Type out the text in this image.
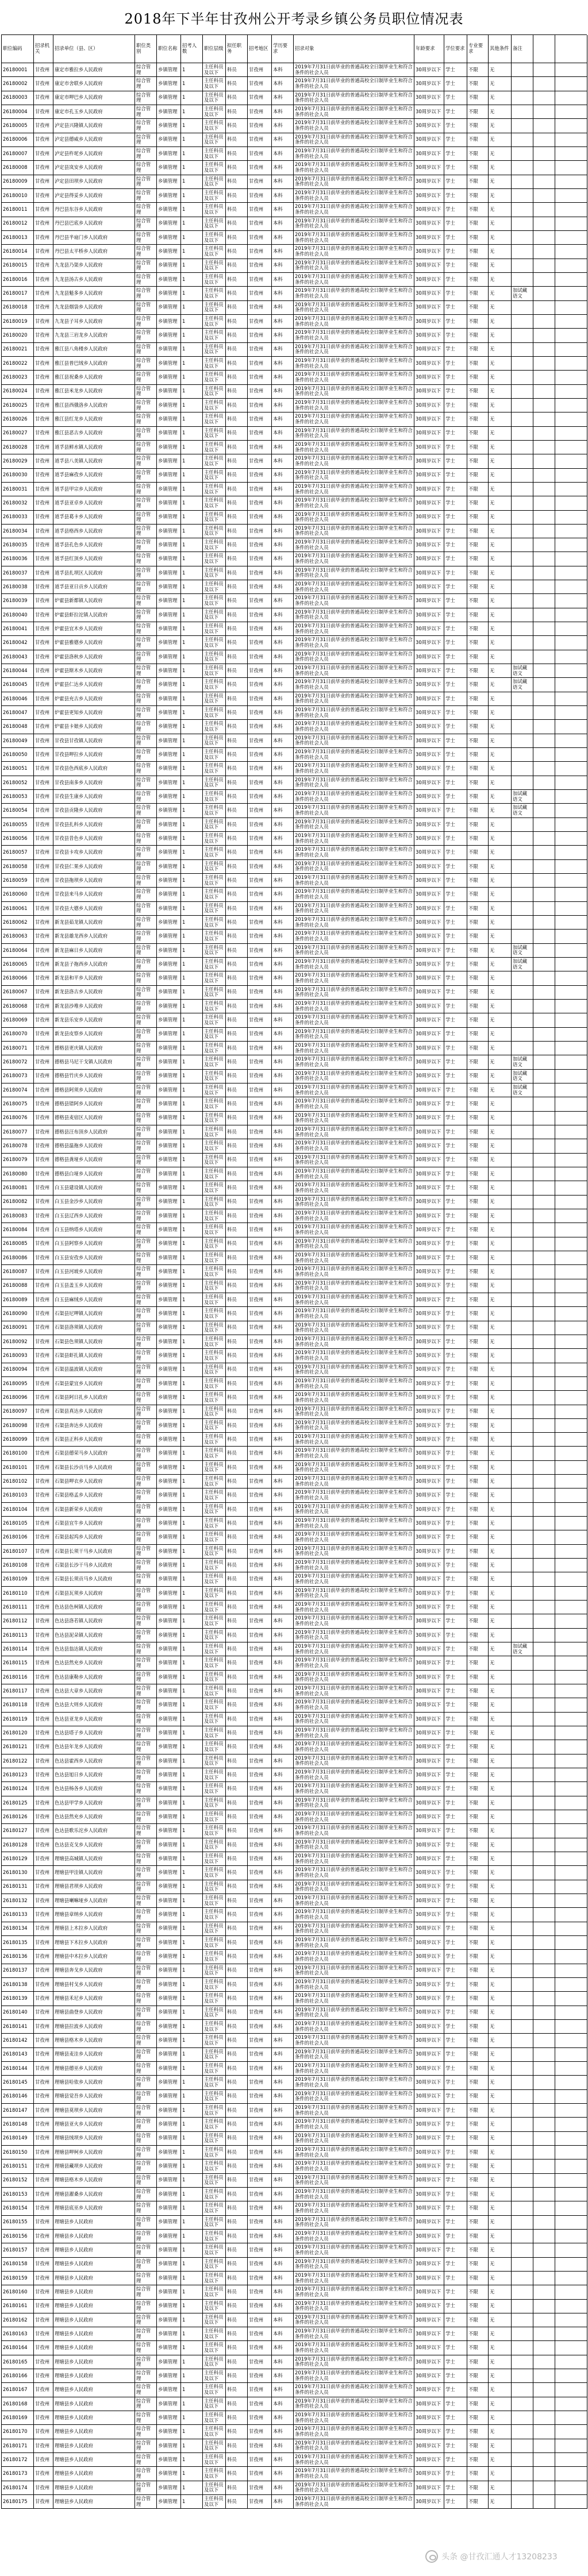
2018年下半年甘孜州公开考录乡镇公务员职位情况表
职位编码	招录机关	招录单位（县、区）	职位类别	职位名称	招考人数	职位层级 拟任职务	招考地区	学历要求	招录对象	年龄要求	学位要求 专业要求	其他条件 备注
26180001	甘孜州	康定市雅拉乡人民政府	综合管理	乡镇管理	1	主任科员及以下	科员	甘孜州	本科	2019年7月31日前毕业的普通高校全日制毕业生和符合条件的社会人员	30周岁以下 学士	不限	无
26180002	甘孜州	康定市舍联乡人民政府	综合管理	乡镇管理	1	主任科员及以下	科员	甘孜州	本科	2019年7月31日前毕业的普通高校全日制毕业生和符合条件的社会人员	30周岁以下 学士	不限	无
26180003	甘孜州	康定市呷巴乡人民政府	综合管理	乡镇管理	1	主任科员及以下	科员	甘孜州	本科	2019年7月31日前毕业的普通高校全日制毕业生和符合条件的社会人员	30周岁以下 学士	不限	无
26180004	甘孜州	康定市孔玉乡人民政府	综合管理	乡镇管理	1	主任科员及以下	科员	甘孜州	本科	2019年7月31日前毕业的普通高校全日制毕业生和符合条件的社会人员	30周岁以下 学士	不限	无
26180005	甘孜州	泸定县兴隆镇人民政府	综合管理	乡镇管理	1	主任科员及以下	科员	甘孜州	本科	2019年7月31日前毕业的普通高校全日制毕业生和符合条件的社会人员	30周岁以下 学士	不限	无
26180006	甘孜州	泸定县德威乡人民政府	综合管理	乡镇管理	1	主任科员及以下	科员	甘孜州	本科	2019年7月31日前毕业的普通高校全日制毕业生和符合条件的社会人员	30周岁以下 学士	不限	无
26180007	甘孜州	泸定县杵坭乡人民政府	综合管理	乡镇管理	1	主任科员及以下	科员	甘孜州	本科	2019年7月31日前毕业的普通高校全日制毕业生和符合条件的社会人员	30周岁以下 学士	不限	无
26180008	甘孜州	泸定县岚安乡人民政府	综合管理	乡镇管理	1	主任科员及以下	科员	甘孜州	本科	2019年7月31日前毕业的普通高校全日制毕业生和符合条件的社会人员	30周岁以下 学士	不限	无
26180009	甘孜州	泸定县田坝乡人民政府	综合管理	乡镇管理	1	主任科员及以下	科员	甘孜州	本科	2019年7月31日前毕业的普通高校全日制毕业生和符合条件的社会人员	30周岁以下 学士	不限	无
26180010	甘孜州	泸定县得妥乡人民政府	综合管理	乡镇管理	1	主任科员及以下	科员	甘孜州	本科	2019年7月31日前毕业的普通高校全日制毕业生和符合条件的社会人员	30周岁以下 学士	不限	无
26180011	甘孜州	丹巴县东谷乡人民政府	综合管理	乡镇管理	1	主任科员及以下	科员	甘孜州	本科	2019年7月31日前毕业的普通高校全日制毕业生和符合条件的社会人员	30周岁以下 学士	不限	无
26180012	甘孜州	丹巴县巴底乡人民政府	综合管理	乡镇管理	1	主任科员及以下	科员	甘孜州	本科	2019年7月31日前毕业的普通高校全日制毕业生和符合条件的社会人员	30周岁以下 学士	不限	无
26180013	甘孜州	丹巴县半扇门乡人民政府	综合管理	乡镇管理	1	主任科员及以下	科员	甘孜州	本科	2019年7月31日前毕业的普通高校全日制毕业生和符合条件的社会人员	30周岁以下 学士	不限	无
26180014	甘孜州	丹巴县太平桥乡人民政府	综合管理	乡镇管理	1	主任科员及以下	科员	甘孜州	本科	2019年7月31日前毕业的普通高校全日制毕业生和符合条件的社会人员	30周岁以下 学士	不限	无
26180015	甘孜州	九龙县乃渠乡人民政府	综合管理	乡镇管理	1	主任科员及以下	科员	甘孜州	本科	2019年7月31日前毕业的普通高校全日制毕业生和符合条件的社会人员	30周岁以下 学士	不限	无
26180016	甘孜州	九龙县汤古乡人民政府	综合管理	乡镇管理	1	主任科员及以下	科员	甘孜州	本科	2019年7月31日前毕业的普通高校全日制毕业生和符合条件的社会人员	30周岁以下 学士	不限	无
26180017	甘孜州	九龙县魁多乡人民政府	综合管理	乡镇管理	1	主任科员及以下	科员	甘孜州	本科	2019年7月31日前毕业的普通高校全日制毕业生和符合条件的社会人员	30周岁以下 学士	不限	无	加试藏语文
26180018	甘孜州	九龙县烟袋乡人民政府	综合管理	乡镇管理	1	主任科员及以下	科员	甘孜州	本科	2019年7月31日前毕业的普通高校全日制毕业生和符合条件的社会人员	30周岁以下 学士	不限	无
26180019	甘孜州	九龙县子耳乡人民政府	综合管理	乡镇管理	1	主任科员及以下	科员	甘孜州	本科	2019年7月31日前毕业的普通高校全日制毕业生和符合条件的社会人员	30周岁以下 学士	不限	无
26180020	甘孜州	九龙县三岩龙乡人民政府	综合管理	乡镇管理	1	主任科员及以下	科员	甘孜州	本科	2019年7月31日前毕业的普通高校全日制毕业生和符合条件的社会人员	30周岁以下 学士	不限	无
26180021	甘孜州	雅江县八角楼乡人民政府	综合管理	乡镇管理	1	主任科员及以下	科员	甘孜州	本科	2019年7月31日前毕业的普通高校全日制毕业生和符合条件的社会人员	30周岁以下 学士	不限	无
26180022	甘孜州	雅江县普巴绒乡人民政府	综合管理	乡镇管理	1	主任科员及以下	科员	甘孜州	本科	2019年7月31日前毕业的普通高校全日制毕业生和符合条件的社会人员	30周岁以下 学士	不限	无
26180023	甘孜州	雅江县祝桑乡人民政府	综合管理	乡镇管理	1	主任科员及以下	科员	甘孜州	本科	2019年7月31日前毕业的普通高校全日制毕业生和符合条件的社会人员	30周岁以下 学士	不限	无
26180024	甘孜州	雅江县米龙乡人民政府	综合管理	乡镇管理	1	主任科员及以下	科员	甘孜州	本科	2019年7月31日前毕业的普通高校全日制毕业生和符合条件的社会人员	30周岁以下 学士	不限	无
26180025	甘孜州	雅江县西俄洛乡人民政府	综合管理	乡镇管理	1	主任科员及以下	科员	甘孜州	本科	2019年7月31日前毕业的普通高校全日制毕业生和符合条件的社会人员	30周岁以下 学士	不限	无
26180026	甘孜州	雅江县红龙乡人民政府	综合管理	乡镇管理	1	主任科员及以下	科员	甘孜州	本科	2019年7月31日前毕业的普通高校全日制毕业生和符合条件的社会人员	30周岁以下 学士	不限	无
26180027	甘孜州	雅江县恶古乡人民政府	综合管理	乡镇管理	1	主任科员及以下	科员	甘孜州	本科	2019年7月31日前毕业的普通高校全日制毕业生和符合条件的社会人员	30周岁以下 学士	不限	无
26180028	甘孜州	道孚县鲜水镇人民政府	综合管理	乡镇管理	1	主任科员及以下	科员	甘孜州	本科	2019年7月31日前毕业的普通高校全日制毕业生和符合条件的社会人员	30周岁以下 学士	不限	无
26180029	甘孜州	道孚县八美镇人民政府	综合管理	乡镇管理	1	主任科员及以下	科员	甘孜州	本科	2019年7月31日前毕业的普通高校全日制毕业生和符合条件的社会人员	30周岁以下 学士	不限	无
26180030	甘孜州	道孚县麻孜乡人民政府	综合管理	乡镇管理	1	主任科员及以下	科员	甘孜州	本科	2019年7月31日前毕业的普通高校全日制毕业生和符合条件的社会人员	30周岁以下 学士	不限	无
26180031	甘孜州	道孚县甲宗乡人民政府	综合管理	乡镇管理	1	主任科员及以下	科员	甘孜州	本科	2019年7月31日前毕业的普通高校全日制毕业生和符合条件的社会人员	30周岁以下 学士	不限	无
26180032	甘孜州	道孚县亚卓乡人民政府	综合管理	乡镇管理	1	主任科员及以下	科员	甘孜州	本科	2019年7月31日前毕业的普通高校全日制毕业生和符合条件的社会人员	30周岁以下 学士	不限	无
26180033	甘孜州	道孚县葛卡乡人民政府	综合管理	乡镇管理	1	主任科员及以下	科员	甘孜州	本科	2019年7月31日前毕业的普通高校全日制毕业生和符合条件的社会人员	30周岁以下 学士	不限	无
26180034	甘孜州	道孚县格西乡人民政府	综合管理	乡镇管理	1	主任科员及以下	科员	甘孜州	本科	2019年7月31日前毕业的普通高校全日制毕业生和符合条件的社会人员	30周岁以下 学士	不限	无
26180035	甘孜州	道孚县孔色乡人民政府	综合管理	乡镇管理	1	主任科员及以下	科员	甘孜州	本科	2019年7月31日前毕业的普通高校全日制毕业生和符合条件的社会人员	30周岁以下 学士	不限	无
26180036	甘孜州	道孚县红顶乡人民政府	综合管理	乡镇管理	1	主任科员及以下	科员	甘孜州	本科	2019年7月31日前毕业的普通高校全日制毕业生和符合条件的社会人员	30周岁以下 学士	不限	无
26180037	甘孜州	道孚县扎坝区人民政府	综合管理	乡镇管理	1	主任科员及以下	科员	甘孜州	本科	2019年7月31日前毕业的普通高校全日制毕业生和符合条件的社会人员	30周岁以下 学士	不限	无
26180038	甘孜州	道孚县亚日贡乡人民政府	综合管理	乡镇管理	1	主任科员及以下	科员	甘孜州	本科	2019年7月31日前毕业的普通高校全日制毕业生和符合条件的社会人员	30周岁以下 学士	不限	无
26180039	甘孜州	炉霍县新都镇人民政府	综合管理	乡镇管理	1	主任科员及以下	科员	甘孜州	本科	2019年7月31日前毕业的普通高校全日制毕业生和符合条件的社会人员	30周岁以下 学士	不限	无
26180040	甘孜州	炉霍县虾拉沱镇人民政府	综合管理	乡镇管理	1	主任科员及以下	科员	甘孜州	本科	2019年7月31日前毕业的普通高校全日制毕业生和符合条件的社会人员	30周岁以下 学士	不限	无
26180041	甘孜州	炉霍县宜木乡人民政府	综合管理	乡镇管理	1	主任科员及以下	科员	甘孜州	本科	2019年7月31日前毕业的普通高校全日制毕业生和符合条件的社会人员	30周岁以下 学士	不限	无
26180042	甘孜州	炉霍县雅德乡人民政府	综合管理	乡镇管理	1	主任科员及以下	科员	甘孜州	本科	2019年7月31日前毕业的普通高校全日制毕业生和符合条件的社会人员	30周岁以下 学士	不限	无
26180043	甘孜州	炉霍县洛秋乡人民政府	综合管理	乡镇管理	1	主任科员及以下	科员	甘孜州	本科	2019年7月31日前毕业的普通高校全日制毕业生和符合条件的社会人员	30周岁以下 学士	不限	无
26180044	甘孜州	炉霍县斯木乡人民政府	综合管理	乡镇管理	1	主任科员及以下	科员	甘孜州	本科	2019年7月31日前毕业的普通高校全日制毕业生和符合条件的社会人员	30周岁以下 学士	不限	无	加试藏语文
26180045	甘孜州	炉霍县仁达乡人民政府	综合管理	乡镇管理	1	主任科员及以下	科员	甘孜州	本科	2019年7月31日前毕业的普通高校全日制毕业生和符合条件的社会人员	30周岁以下 学士	不限	无	加试藏语文
26180046	甘孜州	炉霍县充古乡人民政府	综合管理	乡镇管理	1	主任科员及以下	科员	甘孜州	本科	2019年7月31日前毕业的普通高校全日制毕业生和符合条件的社会人员	30周岁以下 学士	不限	无
26180047	甘孜州	炉霍县更知乡人民政府	综合管理	乡镇管理	1	主任科员及以下	科员	甘孜州	本科	2019年7月31日前毕业的普通高校全日制毕业生和符合条件的社会人员	30周岁以下 学士	不限	无
26180048	甘孜州	炉霍县卡娘乡人民政府	综合管理	乡镇管理	1	主任科员及以下	科员	甘孜州	本科	2019年7月31日前毕业的普通高校全日制毕业生和符合条件的社会人员	30周岁以下 学士	不限	无
26180049	甘孜州	甘孜县甘孜镇人民政府	综合管理	乡镇管理	1	主任科员及以下	科员	甘孜州	本科	2019年7月31日前毕业的普通高校全日制毕业生和符合条件的社会人员	30周岁以下 学士	不限	无
26180050	甘孜州	甘孜县呷拉乡人民政府	综合管理	乡镇管理	1	主任科员及以下	科员	甘孜州	本科	2019年7月31日前毕业的普通高校全日制毕业生和符合条件的社会人员	30周岁以下 学士	不限	无
26180051	甘孜州	甘孜县色西底乡人民政府	综合管理	乡镇管理	1	主任科员及以下	科员	甘孜州	本科	2019年7月31日前毕业的普通高校全日制毕业生和符合条件的社会人员	30周岁以下 学士	不限	无
26180052	甘孜州	甘孜县南多乡人民政府	综合管理	乡镇管理	1	主任科员及以下	科员	甘孜州	本科	2019年7月31日前毕业的普通高校全日制毕业生和符合条件的社会人员	30周岁以下 学士	不限	无
26180053	甘孜州	甘孜县生康乡人民政府	综合管理	乡镇管理	1	主任科员及以下	科员	甘孜州	本科	2019年7月31日前毕业的普通高校全日制毕业生和符合条件的社会人员	30周岁以下 学士	不限	无	加试藏语文
26180054	甘孜州	甘孜县贡隆乡人民政府	综合管理	乡镇管理	1	主任科员及以下	科员	甘孜州	本科	2019年7月31日前毕业的普通高校全日制毕业生和符合条件的社会人员	30周岁以下 学士	不限	无	加试藏语文
26180055	甘孜州	甘孜县扎科乡人民政府	综合管理	乡镇管理	1	主任科员及以下	科员	甘孜州	本科	2019年7月31日前毕业的普通高校全日制毕业生和符合条件的社会人员	30周岁以下 学士	不限	无
26180056	甘孜州	甘孜县昔色乡人民政府	综合管理	乡镇管理	1	主任科员及以下	科员	甘孜州	本科	2019年7月31日前毕业的普通高校全日制毕业生和符合条件的社会人员	30周岁以下 学士	不限	无
26180057	甘孜州	甘孜县卡攻乡人民政府	综合管理	乡镇管理	1	主任科员及以下	科员	甘孜州	本科	2019年7月31日前毕业的普通高校全日制毕业生和符合条件的社会人员	30周岁以下 学士	不限	无
26180058	甘孜州	甘孜县仁果乡人民政府	综合管理	乡镇管理	1	主任科员及以下	科员	甘孜州	本科	2019年7月31日前毕业的普通高校全日制毕业生和符合条件的社会人员	30周岁以下 学士	不限	无
26180059	甘孜州	甘孜县拖坝乡人民政府	综合管理	乡镇管理	1	主任科员及以下	科员	甘孜州	本科	2019年7月31日前毕业的普通高校全日制毕业生和符合条件的社会人员	30周岁以下 学士	不限	无
26180060	甘孜州	甘孜县来马乡人民政府	综合管理	乡镇管理	1	主任科员及以下	科员	甘孜州	本科	2019年7月31日前毕业的普通高校全日制毕业生和符合条件的社会人员	30周岁以下 学士	不限	无
26180061	甘孜州	甘孜县大德乡人民政府	综合管理	乡镇管理	1	主任科员及以下	科员	甘孜州	本科	2019年7月31日前毕业的普通高校全日制毕业生和符合条件的社会人员	30周岁以下 学士	不限	无
26180062	甘孜州	新龙县茹龙镇人民政府	综合管理	乡镇管理	1	主任科员及以下	科员	甘孜州	本科	2019年7月31日前毕业的普通高校全日制毕业生和符合条件的社会人员	30周岁以下 学士	不限	无
26180063	甘孜州	新龙县雄龙西乡人民政府	综合管理	乡镇管理	1	主任科员及以下	科员	甘孜州	本科	2019年7月31日前毕业的普通高校全日制毕业生和符合条件的社会人员	30周岁以下 学士	不限	无
26180064	甘孜州	新龙县麻日乡人民政府	综合管理	乡镇管理	1	主任科员及以下	科员	甘孜州	本科	2019年7月31日前毕业的普通高校全日制毕业生和符合条件的社会人员	30周岁以下 学士	不限	无	加试藏语文
26180065	甘孜州	新龙县子拖西乡人民政府	综合管理	乡镇管理	1	主任科员及以下	科员	甘孜州	本科	2019年7月31日前毕业的普通高校全日制毕业生和符合条件的社会人员	30周岁以下 学士	不限	无	加试藏语文
26180066	甘孜州	新龙县和平乡人民政府	综合管理	乡镇管理	1	主任科员及以下	科员	甘孜州	本科	2019年7月31日前毕业的普通高校全日制毕业生和符合条件的社会人员	30周岁以下 学士	不限	无
26180067	甘孜州	新龙县洛古乡人民政府	综合管理	乡镇管理	1	主任科员及以下	科员	甘孜州	本科	2019年7月31日前毕业的普通高校全日制毕业生和符合条件的社会人员	30周岁以下 学士	不限	无
26180068	甘孜州	新龙县沙堆乡人民政府	综合管理	乡镇管理	1	主任科员及以下	科员	甘孜州	本科	2019年7月31日前毕业的普通高校全日制毕业生和符合条件的社会人员	30周岁以下 学士	不限	无
26180069	甘孜州	新龙县乐安乡人民政府	综合管理	乡镇管理	1	主任科员及以下	科员	甘孜州	本科	2019年7月31日前毕业的普通高校全日制毕业生和符合条件的社会人员	30周岁以下 学士	不限	无
26180070	甘孜州	新龙县皮察乡人民政府	综合管理	乡镇管理	1	主任科员及以下	科员	甘孜州	本科	2019年7月31日前毕业的普通高校全日制毕业生和符合条件的社会人员	30周岁以下 学士	不限	无
26180071	甘孜州	德格县更庆镇人民政府	综合管理	乡镇管理	1	主任科员及以下	科员	甘孜州	本科	2019年7月31日前毕业的普通高校全日制毕业生和符合条件的社会人员	30周岁以下 学士	不限	无
26180072	甘孜州	德格县马尼干戈镇人民政府	综合管理	乡镇管理	1	主任科员及以下	科员	甘孜州	本科	2019年7月31日前毕业的普通高校全日制毕业生和符合条件的社会人员	30周岁以下 学士	不限	无	加试藏语文
26180073	甘孜州	德格县竹庆乡人民政府	综合管理	乡镇管理	1	主任科员及以下	科员	甘孜州	本科	2019年7月31日前毕业的普通高校全日制毕业生和符合条件的社会人员	30周岁以下 学士	不限	无	加试藏语文
26180074	甘孜州	德格县阿须乡人民政府	综合管理	乡镇管理	1	主任科员及以下	科员	甘孜州	本科	2019年7月31日前毕业的普通高校全日制毕业生和符合条件的社会人员	30周岁以下 学士	不限	无	加试藏语文
26180075	甘孜州	德格县错阿乡人民政府	综合管理	乡镇管理	1	主任科员及以下	科员	甘孜州	本科	2019年7月31日前毕业的普通高校全日制毕业生和符合条件的社会人员	30周岁以下 学士	不限	无
26180076	甘孜州	德格县麦宿区人民政府	综合管理	乡镇管理	1	主任科员及以下	科员	甘孜州	本科	2019年7月31日前毕业的普通高校全日制毕业生和符合条件的社会人员	30周岁以下 学士	不限	无
26180077	甘孜州	德格县汪布顶乡人民政府	综合管理	乡镇管理	1	主任科员及以下	科员	甘孜州	本科	2019年7月31日前毕业的普通高校全日制毕业生和符合条件的社会人员	30周岁以下 学士	不限	无
26180078	甘孜州	德格县温拖乡人民政府	综合管理	乡镇管理	1	主任科员及以下	科员	甘孜州	本科	2019年7月31日前毕业的普通高校全日制毕业生和符合条件的社会人员	30周岁以下 学士	不限	无
26180079	甘孜州	德格县龚垭乡人民政府	综合管理	乡镇管理	1	主任科员及以下	科员	甘孜州	本科	2019年7月31日前毕业的普通高校全日制毕业生和符合条件的社会人员	30周岁以下 学士	不限	无
26180080	甘孜州	德格县白垭乡人民政府	综合管理	乡镇管理	1	主任科员及以下	科员	甘孜州	本科	2019年7月31日前毕业的普通高校全日制毕业生和符合条件的社会人员	30周岁以下 学士	不限	无
26180081	甘孜州	白玉县建设镇人民政府	综合管理	乡镇管理	1	主任科员及以下	科员	甘孜州	本科	2019年7月31日前毕业的普通高校全日制毕业生和符合条件的社会人员	30周岁以下 学士	不限	无
26180082	甘孜州	白玉县金沙乡人民政府	综合管理	乡镇管理	1	主任科员及以下	科员	甘孜州	本科	2019年7月31日前毕业的普通高校全日制毕业生和符合条件的社会人员	30周岁以下 学士	不限	无
26180083	甘孜州	白玉县辽西乡人民政府	综合管理	乡镇管理	1	主任科员及以下	科员	甘孜州	本科	2019年7月31日前毕业的普通高校全日制毕业生和符合条件的社会人员	30周岁以下 学士	不限	无
26180084	甘孜州	白玉县纳塔乡人民政府	综合管理	乡镇管理	1	主任科员及以下	科员	甘孜州	本科	2019年7月31日前毕业的普通高校全日制毕业生和符合条件的社会人员	30周岁以下 学士	不限	无
26180085	甘孜州	白玉县阿察乡人民政府	综合管理	乡镇管理	1	主任科员及以下	科员	甘孜州	本科	2019年7月31日前毕业的普通高校全日制毕业生和符合条件的社会人员	30周岁以下 学士	不限	无
26180086	甘孜州	白玉县安孜乡人民政府	综合管理	乡镇管理	1	主任科员及以下	科员	甘孜州	本科	2019年7月31日前毕业的普通高校全日制毕业生和符合条件的社会人员	30周岁以下 学士	不限	无
26180087	甘孜州	白玉县河坡乡人民政府	综合管理	乡镇管理	1	主任科员及以下	科员	甘孜州	本科	2019年7月31日前毕业的普通高校全日制毕业生和符合条件的社会人员	30周岁以下 学士	不限	无
26180088	甘孜州	白玉县盖玉乡人民政府	综合管理	乡镇管理	1	主任科员及以下	科员	甘孜州	本科	2019年7月31日前毕业的普通高校全日制毕业生和符合条件的社会人员	30周岁以下 学士	不限	无
26180089	甘孜州	白玉县麻绒乡人民政府	综合管理	乡镇管理	1	主任科员及以下	科员	甘孜州	本科	2019年7月31日前毕业的普通高校全日制毕业生和符合条件的社会人员	30周岁以下 学士	不限	无
26180090	甘孜州	石渠县尼呷镇人民政府	综合管理	乡镇管理	1	主任科员及以下	科员	甘孜州	本科	2019年7月31日前毕业的普通高校全日制毕业生和符合条件的社会人员	30周岁以下 学士	不限	无
26180091	甘孜州	石渠县洛须镇人民政府	综合管理	乡镇管理	1	主任科员及以下	科员	甘孜州	本科	2019年7月31日前毕业的普通高校全日制毕业生和符合条件的社会人员	30周岁以下 学士	不限	无
26180092	甘孜州	石渠县色须镇人民政府	综合管理	乡镇管理	1	主任科员及以下	科员	甘孜州	本科	2019年7月31日前毕业的普通高校全日制毕业生和符合条件的社会人员	30周岁以下 学士	不限	无
26180093	甘孜州	石渠县虾扎镇人民政府	综合管理	乡镇管理	1	主任科员及以下	科员	甘孜州	本科	2019年7月31日前毕业的普通高校全日制毕业生和符合条件的社会人员	30周岁以下 学士	不限	无
26180094	甘孜州	石渠县温波镇人民政府	综合管理	乡镇管理	1	主任科员及以下	科员	甘孜州	本科	2019年7月31日前毕业的普通高校全日制毕业生和符合条件的社会人员	30周岁以下 学士	不限	无
26180095	甘孜州	石渠县蒙宜乡人民政府	综合管理	乡镇管理	1	主任科员及以下	科员	甘孜州	本科	2019年7月31日前毕业的普通高校全日制毕业生和符合条件的社会人员	30周岁以下 学士	不限	无
26180096	甘孜州	石渠县阿日扎乡人民政府	综合管理	乡镇管理	1	主任科员及以下	科员	甘孜州	本科	2019年7月31日前毕业的普通高校全日制毕业生和符合条件的社会人员	30周岁以下 学士	不限	无
26180097	甘孜州	石渠县真达乡人民政府	综合管理	乡镇管理	1	主任科员及以下	科员	甘孜州	本科	2019年7月31日前毕业的普通高校全日制毕业生和符合条件的社会人员	30周岁以下 学士	不限	无
26180098	甘孜州	石渠县奔达乡人民政府	综合管理	乡镇管理	1	主任科员及以下	科员	甘孜州	本科	2019年7月31日前毕业的普通高校全日制毕业生和符合条件的社会人员	30周岁以下 学士	不限	无
26180099	甘孜州	石渠县正科乡人民政府	综合管理	乡镇管理	1	主任科员及以下	科员	甘孜州	本科	2019年7月31日前毕业的普通高校全日制毕业生和符合条件的社会人员	30周岁以下 学士	不限	无
26180100	甘孜州	石渠县德荣马乡人民政府	综合管理	乡镇管理	1	主任科员及以下	科员	甘孜州	本科	2019年7月31日前毕业的普通高校全日制毕业生和符合条件的社会人员	30周岁以下 学士	不限	无
26180101	甘孜州	石渠县长沙贡马乡人民政府	综合管理	乡镇管理	1	主任科员及以下	科员	甘孜州	本科	2019年7月31日前毕业的普通高校全日制毕业生和符合条件的社会人员	30周岁以下 学士	不限	无
26180102	甘孜州	石渠县呷衣乡人民政府	综合管理	乡镇管理	1	主任科员及以下	科员	甘孜州	本科	2019年7月31日前毕业的普通高校全日制毕业生和符合条件的社会人员	30周岁以下 学士	不限	无
26180103	甘孜州	石渠县格孟乡人民政府	综合管理	乡镇管理	1	主任科员及以下	科员	甘孜州	本科	2019年7月31日前毕业的普通高校全日制毕业生和符合条件的社会人员	30周岁以下 学士	不限	无
26180104	甘孜州	石渠县新荣乡人民政府	综合管理	乡镇管理	1	主任科员及以下	科员	甘孜州	本科	2019年7月31日前毕业的普通高校全日制毕业生和符合条件的社会人员	30周岁以下 学士	不限	无
26180105	甘孜州	石渠县宜牛乡人民政府	综合管理	乡镇管理	1	主任科员及以下	科员	甘孜州	本科	2019年7月31日前毕业的普通高校全日制毕业生和符合条件的社会人员	30周岁以下 学士	不限	无
26180106	甘孜州	石渠县起坞乡人民政府	综合管理	乡镇管理	1	主任科员及以下	科员	甘孜州	本科	2019年7月31日前毕业的普通高校全日制毕业生和符合条件的社会人员	30周岁以下 学士	不限	无
26180107	甘孜州	石渠县长须干马乡人民政府	综合管理	乡镇管理	1	主任科员及以下	科员	甘孜州	本科	2019年7月31日前毕业的普通高校全日制毕业生和符合条件的社会人员	30周岁以下 学士	不限	无
26180108	甘孜州	石渠县长沙干马乡人民政府	综合管理	乡镇管理	1	主任科员及以下	科员	甘孜州	本科	2019年7月31日前毕业的普通高校全日制毕业生和符合条件的社会人员	30周岁以下 学士	不限	无
26180109	甘孜州	石渠县长须贡马乡人民政府	综合管理	乡镇管理	1	主任科员及以下	科员	甘孜州	本科	2019年7月31日前毕业的普通高校全日制毕业生和符合条件的社会人员	30周岁以下 学士	不限	无
26180110	甘孜州	石渠县瓦须乡人民政府	综合管理	乡镇管理	1	主任科员及以下	科员	甘孜州	本科	2019年7月31日前毕业的普通高校全日制毕业生和符合条件的社会人员	30周岁以下 学士	不限	无
26180111	甘孜州	色达县色柯镇人民政府	综合管理	乡镇管理	1	主任科员及以下	科员	甘孜州	本科	2019年7月31日前毕业的普通高校全日制毕业生和符合条件的社会人员	30周岁以下 学士	不限	无
26180112	甘孜州	色达县洛若镇人民政府	综合管理	乡镇管理	1	主任科员及以下	科员	甘孜州	本科	2019年7月31日前毕业的普通高校全日制毕业生和符合条件的社会人员	30周岁以下 学士	不限	无
26180113	甘孜州	色达县泥朵镇人民政府	综合管理	乡镇管理	1	主任科员及以下	科员	甘孜州	本科	2019年7月31日前毕业的普通高校全日制毕业生和符合条件的社会人员	30周岁以下 学士	不限	无
26180114	甘孜州	色达县翁达镇人民政府	综合管理	乡镇管理	1	主任科员及以下	科员	甘孜州	本科	2019年7月31日前毕业的普通高校全日制毕业生和符合条件的社会人员	30周岁以下 学士	不限	无	加试藏语文
26180115	甘孜州	色达县然充乡人民政府	综合管理	乡镇管理	1	主任科员及以下	科员	甘孜州	本科	2019年7月31日前毕业的普通高校全日制毕业生和符合条件的社会人员	30周岁以下 学士	不限	无
26180116	甘孜州	色达县康勒乡人民政府	综合管理	乡镇管理	1	主任科员及以下	科员	甘孜州	本科	2019年7月31日前毕业的普通高校全日制毕业生和符合条件的社会人员	30周岁以下 学士	不限	无
26180117	甘孜州	色达县大章乡人民政府	综合管理	乡镇管理	1	主任科员及以下	科员	甘孜州	本科	2019年7月31日前毕业的普通高校全日制毕业生和符合条件的社会人员	30周岁以下 学士	不限	无
26180118	甘孜州	色达县大则乡人民政府	综合管理	乡镇管理	1	主任科员及以下	科员	甘孜州	本科	2019年7月31日前毕业的普通高校全日制毕业生和符合条件的社会人员	30周岁以下 学士	不限	无
26180119	甘孜州	色达县亚龙乡人民政府	综合管理	乡镇管理	1	主任科员及以下	科员	甘孜州	本科	2019年7月31日前毕业的普通高校全日制毕业生和符合条件的社会人员	30周岁以下 学士	不限	无
26180120	甘孜州	色达县塔子乡人民政府	综合管理	乡镇管理	1	主任科员及以下	科员	甘孜州	本科	2019年7月31日前毕业的普通高校全日制毕业生和符合条件的社会人员	30周岁以下 学士	不限	无
26180121	甘孜州	色达县年龙乡人民政府	综合管理	乡镇管理	1	主任科员及以下	科员	甘孜州	本科	2019年7月31日前毕业的普通高校全日制毕业生和符合条件的社会人员	30周岁以下 学士	不限	无
26180122	甘孜州	色达县霍西乡人民政府	综合管理	乡镇管理	1	主任科员及以下	科员	甘孜州	本科	2019年7月31日前毕业的普通高校全日制毕业生和符合条件的社会人员	30周岁以下 学士	不限	无
26180123	甘孜州	色达县旭日乡人民政府	综合管理	乡镇管理	1	主任科员及以下	科员	甘孜州	本科	2019年7月31日前毕业的普通高校全日制毕业生和符合条件的社会人员	30周岁以下 学士	不限	无
26180124	甘孜州	色达县杨各乡人民政府	综合管理	乡镇管理	1	主任科员及以下	科员	甘孜州	本科	2019年7月31日前毕业的普通高校全日制毕业生和符合条件的社会人员	30周岁以下 学士	不限	无
26180125	甘孜州	色达县甲学乡人民政府	综合管理	乡镇管理	1	主任科员及以下	科员	甘孜州	本科	2019年7月31日前毕业的普通高校全日制毕业生和符合条件的社会人员	30周岁以下 学士	不限	无
26180126	甘孜州	色达县然充乡人民政府	综合管理	乡镇管理	1	主任科员及以下	科员	甘孜州	本科	2019年7月31日前毕业的普通高校全日制毕业生和符合条件的社会人员	30周岁以下 学士	不限	无
26180127	甘孜州	色达县歌乐沱乡人民政府	综合管理	乡镇管理	1	主任科员及以下	科员	甘孜州	本科	2019年7月31日前毕业的普通高校全日制毕业生和符合条件的社会人员	30周岁以下 学士	不限	无
26180128	甘孜州	色达县克戈乡人民政府	综合管理	乡镇管理	1	主任科员及以下	科员	甘孜州	本科	2019年7月31日前毕业的普通高校全日制毕业生和符合条件的社会人员	30周岁以下 学士	不限	无
26180129	甘孜州	理塘县高城镇人民政府	综合管理	乡镇管理	1	主任科员及以下	科员	甘孜州	本科	2019年7月31日前毕业的普通高校全日制毕业生和符合条件的社会人员	30周岁以下 学士	不限	无
26180130	甘孜州	理塘县甲洼镇人民政府	综合管理	乡镇管理	1	主任科员及以下	科员	甘孜州	本科	2019年7月31日前毕业的普通高校全日制毕业生和符合条件的社会人员	30周岁以下 学士	不限	无
26180131	甘孜州	理塘县君坝乡人民政府	综合管理	乡镇管理	1	主任科员及以下	科员	甘孜州	本科	2019年7月31日前毕业的普通高校全日制毕业生和符合条件的社会人员	30周岁以下 学士	不限	无
26180132	甘孜州	理塘县喇嘛垭乡人民政府	综合管理	乡镇管理	1	主任科员及以下	科员	甘孜州	本科	2019年7月31日前毕业的普通高校全日制毕业生和符合条件的社会人员	30周岁以下 学士	不限	无
26180133	甘孜州	理塘县章纳乡人民政府	综合管理	乡镇管理	1	主任科员及以下	科员	甘孜州	本科	2019年7月31日前毕业的普通高校全日制毕业生和符合条件的社会人员	30周岁以下 学士	不限	无
26180134	甘孜州	理塘县上木拉乡人民政府	综合管理	乡镇管理	1	主任科员及以下	科员	甘孜州	本科	2019年7月31日前毕业的普通高校全日制毕业生和符合条件的社会人员	30周岁以下 学士	不限	无
26180135	甘孜州	理塘县下木拉乡人民政府	综合管理	乡镇管理	1	主任科员及以下	科员	甘孜州	本科	2019年7月31日前毕业的普通高校全日制毕业生和符合条件的社会人员	30周岁以下 学士	不限	无
26180136	甘孜州	理塘县中木拉乡人民政府	综合管理	乡镇管理	1	主任科员及以下	科员	甘孜州	本科	2019年7月31日前毕业的普通高校全日制毕业生和符合条件的社会人员	30周岁以下 学士	不限	无
26180137	甘孜州	理塘县奔戈乡人民政府	综合管理	乡镇管理	1	主任科员及以下	科员	甘孜州	本科	2019年7月31日前毕业的普通高校全日制毕业生和符合条件的社会人员	30周岁以下 学士	不限	无
26180138	甘孜州	理塘县村戈乡人民政府	综合管理	乡镇管理	1	主任科员及以下	科员	甘孜州	本科	2019年7月31日前毕业的普通高校全日制毕业生和符合条件的社会人员	30周岁以下 学士	不限	无
26180139	甘孜州	理塘县禾尼乡人民政府	综合管理	乡镇管理	1	主任科员及以下	科员	甘孜州	本科	2019年7月31日前毕业的普通高校全日制毕业生和符合条件的社会人员	30周岁以下 学士	不限	无
26180140	甘孜州	理塘县曲登乡人民政府	综合管理	乡镇管理	1	主任科员及以下	科员	甘孜州	本科	2019年7月31日前毕业的普通高校全日制毕业生和符合条件的社会人员	30周岁以下 学士	不限	无
26180141	甘孜州	理塘县拉波乡人民政府	综合管理	乡镇管理	1	主任科员及以下	科员	甘孜州	本科	2019年7月31日前毕业的普通高校全日制毕业生和符合条件的社会人员	30周岁以下 学士	不限	无
26180142	甘孜州	理塘县格木乡人民政府	综合管理	乡镇管理	1	主任科员及以下	科员	甘孜州	本科	2019年7月31日前毕业的普通高校全日制毕业生和符合条件的社会人员	30周岁以下 学士	不限	无
26180143	甘孜州	理塘县麦洼乡人民政府	综合管理	乡镇管理	1	主任科员及以下	科员	甘孜州	本科	2019年7月31日前毕业的普通高校全日制毕业生和符合条件的社会人员	30周岁以下 学士	不限	无
26180144	甘孜州	理塘县德巫乡人民政府	综合管理	乡镇管理	1	主任科员及以下	科员	甘孜州	本科	2019年7月31日前毕业的普通高校全日制毕业生和符合条件的社会人员	30周岁以下 学士	不限	无
26180145	甘孜州	理塘县哈依乡人民政府	综合管理	乡镇管理	1	主任科员及以下	科员	甘孜州	本科	2019年7月31日前毕业的普通高校全日制毕业生和符合条件的社会人员	30周岁以下 学士	不限	无
26180146	甘孜州	理塘县觉吾乡人民政府	综合管理	乡镇管理	1	主任科员及以下	科员	甘孜州	本科	2019年7月31日前毕业的普通高校全日制毕业生和符合条件的社会人员	30周岁以下 学士	不限	无
26180147	甘孜州	理塘县莫坝乡人民政府	综合管理	乡镇管理	1	主任科员及以下	科员	甘孜州	本科	2019年7月31日前毕业的普通高校全日制毕业生和符合条件的社会人员	30周岁以下 学士	不限	无
26180148	甘孜州	理塘县亚火乡人民政府	综合管理	乡镇管理	1	主任科员及以下	科员	甘孜州	本科	2019年7月31日前毕业的普通高校全日制毕业生和符合条件的社会人员	30周岁以下 学士	不限	无
26180149	甘孜州	理塘县绒坝乡人民政府	综合管理	乡镇管理	1	主任科员及以下	科员	甘孜州	本科	2019年7月31日前毕业的普通高校全日制毕业生和符合条件的社会人员	30周岁以下 学士	不限	无
26180150	甘孜州	理塘县呷柯乡人民政府	综合管理	乡镇管理	1	主任科员及以下	科员	甘孜州	本科	2019年7月31日前毕业的普通高校全日制毕业生和符合条件的社会人员	30周岁以下 学士	不限	无
26180151	甘孜州	理塘县藏坝乡人民政府	综合管理	乡镇管理	1	主任科员及以下	科员	甘孜州	本科	2019年7月31日前毕业的普通高校全日制毕业生和符合条件的社会人员	30周岁以下 学士	不限	无
26180152	甘孜州	理塘县格木乡人民政府	综合管理	乡镇管理	1	主任科员及以下	科员	甘孜州	本科	2019年7月31日前毕业的普通高校全日制毕业生和符合条件的社会人员	30周岁以下 学士	不限	无
26180153	甘孜州	理塘县濯桑乡人民政府	综合管理	乡镇管理	1	主任科员及以下	科员	甘孜州	本科	2019年7月31日前毕业的普通高校全日制毕业生和符合条件的社会人员	30周岁以下 学士	不限	无
26180154	甘孜州	理塘县底巫乡人民政府	综合管理	乡镇管理	1	主任科员及以下	科员	甘孜州	本科	2019年7月31日前毕业的普通高校全日制毕业生和符合条件的社会人员	30周岁以下 学士	不限	无
26180155	甘孜州	理塘县乡人民政府	综合管理	乡镇管理	1	主任科员及以下	科员	甘孜州	本科	2019年7月31日前毕业的普通高校全日制毕业生和符合条件的社会人员	30周岁以下 学士	不限	无
26180156	甘孜州	理塘县乡人民政府	综合管理	乡镇管理	1	主任科员及以下	科员	甘孜州	本科	2019年7月31日前毕业的普通高校全日制毕业生和符合条件的社会人员	30周岁以下 学士	不限	无
26180157	甘孜州	理塘县乡人民政府	综合管理	乡镇管理	1	主任科员及以下	科员	甘孜州	本科	2019年7月31日前毕业的普通高校全日制毕业生和符合条件的社会人员	30周岁以下 学士	不限	无
26180158	甘孜州	理塘县乡人民政府	综合管理	乡镇管理	1	主任科员及以下	科员	甘孜州	本科	2019年7月31日前毕业的普通高校全日制毕业生和符合条件的社会人员	30周岁以下 学士	不限	无
26180159	甘孜州	理塘县乡人民政府	综合管理	乡镇管理	1	主任科员及以下	科员	甘孜州	本科	2019年7月31日前毕业的普通高校全日制毕业生和符合条件的社会人员	30周岁以下 学士	不限	无
26180160	甘孜州	理塘县乡人民政府	综合管理	乡镇管理	1	主任科员及以下	科员	甘孜州	本科	2019年7月31日前毕业的普通高校全日制毕业生和符合条件的社会人员	30周岁以下 学士	不限	无
26180161	甘孜州	理塘县乡人民政府	综合管理	乡镇管理	1	主任科员及以下	科员	甘孜州	本科	2019年7月31日前毕业的普通高校全日制毕业生和符合条件的社会人员	30周岁以下 学士	不限	无
26180162	甘孜州	理塘县乡人民政府	综合管理	乡镇管理	1	主任科员及以下	科员	甘孜州	本科	2019年7月31日前毕业的普通高校全日制毕业生和符合条件的社会人员	30周岁以下 学士	不限	无
26180163	甘孜州	理塘县乡人民政府	综合管理	乡镇管理	1	主任科员及以下	科员	甘孜州	本科	2019年7月31日前毕业的普通高校全日制毕业生和符合条件的社会人员	30周岁以下 学士	不限	无
26180164	甘孜州	理塘县乡人民政府	综合管理	乡镇管理	1	主任科员及以下	科员	甘孜州	本科	2019年7月31日前毕业的普通高校全日制毕业生和符合条件的社会人员	30周岁以下 学士	不限	无
26180165	甘孜州	理塘县乡人民政府	综合管理	乡镇管理	1	主任科员及以下	科员	甘孜州	本科	2019年7月31日前毕业的普通高校全日制毕业生和符合条件的社会人员	30周岁以下 学士	不限	无
26180166	甘孜州	理塘县乡人民政府	综合管理	乡镇管理	1	主任科员及以下	科员	甘孜州	本科	2019年7月31日前毕业的普通高校全日制毕业生和符合条件的社会人员	30周岁以下 学士	不限	无
26180167	甘孜州	理塘县乡人民政府	综合管理	乡镇管理	1	主任科员及以下	科员	甘孜州	本科	2019年7月31日前毕业的普通高校全日制毕业生和符合条件的社会人员	30周岁以下 学士	不限	无
26180168	甘孜州	理塘县乡人民政府	综合管理	乡镇管理	1	主任科员及以下	科员	甘孜州	本科	2019年7月31日前毕业的普通高校全日制毕业生和符合条件的社会人员	30周岁以下 学士	不限	无
26180169	甘孜州	理塘县乡人民政府	综合管理	乡镇管理	1	主任科员及以下	科员	甘孜州	本科	2019年7月31日前毕业的普通高校全日制毕业生和符合条件的社会人员	30周岁以下 学士	不限	无
26180170	甘孜州	理塘县乡人民政府	综合管理	乡镇管理	1	主任科员及以下	科员	甘孜州	本科	2019年7月31日前毕业的普通高校全日制毕业生和符合条件的社会人员	30周岁以下 学士	不限	无
26180171	甘孜州	理塘县乡人民政府	综合管理	乡镇管理	1	主任科员及以下	科员	甘孜州	本科	2019年7月31日前毕业的普通高校全日制毕业生和符合条件的社会人员	30周岁以下 学士	不限	无
26180172	甘孜州	理塘县乡人民政府	综合管理	乡镇管理	1	主任科员及以下	科员	甘孜州	本科	2019年7月31日前毕业的普通高校全日制毕业生和符合条件的社会人员	30周岁以下 学士	不限	无
26180173	甘孜州	理塘县乡人民政府	综合管理	乡镇管理	1	主任科员及以下	科员	甘孜州	本科	2019年7月31日前毕业的普通高校全日制毕业生和符合条件的社会人员	30周岁以下 学士	不限	无
26180174	甘孜州	理塘县乡人民政府	综合管理	乡镇管理	1	主任科员及以下	科员	甘孜州	本科	2019年7月31日前毕业的普通高校全日制毕业生和符合条件的社会人员	30周岁以下 学士	不限	无
26180175	甘孜州	理塘县乡人民政府	综合管理	乡镇管理	1	主任科员及以下	科员	甘孜州	本科	2019年7月31日前毕业的普通高校全日制毕业生和符合条件的社会人员	30周岁以下 学士	不限	无
头条 @甘孜汇通人才13208233
